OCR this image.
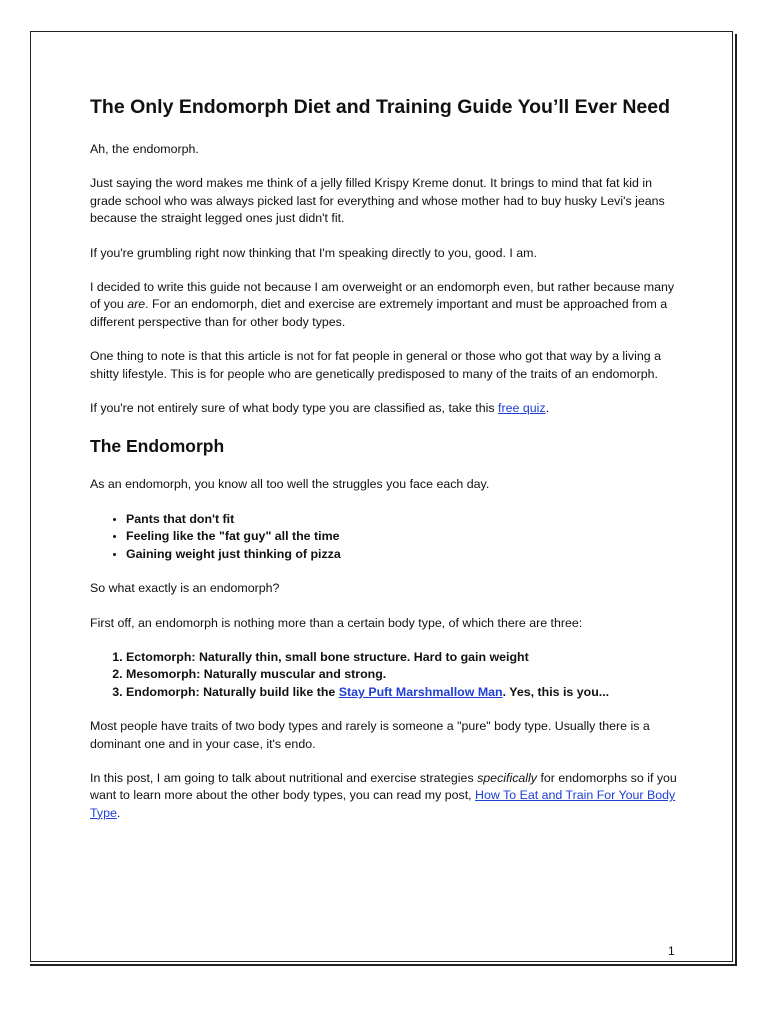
The Only Endomorph Diet and Training Guide You’ll Ever Need

Ah, the endomorph.

Just saying the word makes me think of a jelly filled Krispy Kreme donut. It brings to mind that fat kid in grade school who was always picked last for everything and whose mother had to buy husky Levi's jeans because the straight legged ones just didn't fit.

If you're grumbling right now thinking that I'm speaking directly to you, good. I am.

I decided to write this guide not because I am overweight or an endomorph even, but rather because many of you are. For an endomorph, diet and exercise are extremely important and must be approached from a different perspective than for other body types.

One thing to note is that this article is not for fat people in general or those who got that way by a living a shitty lifestyle. This is for people who are genetically predisposed to many of the traits of an endomorph.

If you're not entirely sure of what body type you are classified as, take this free quiz.

The Endomorph

As an endomorph, you know all too well the struggles you face each day.

• Pants that don't fit
• Feeling like the "fat guy" all the time
• Gaining weight just thinking of pizza

So what exactly is an endomorph?

First off, an endomorph is nothing more than a certain body type, of which there are three:

1. Ectomorph: Naturally thin, small bone structure. Hard to gain weight
2. Mesomorph: Naturally muscular and strong.
3. Endomorph: Naturally build like the Stay Puft Marshmallow Man. Yes, this is you...

Most people have traits of two body types and rarely is someone a "pure" body type. Usually there is a dominant one and in your case, it's endo.

In this post, I am going to talk about nutritional and exercise strategies specifically for endomorphs so if you want to learn more about the other body types, you can read my post, How To Eat and Train For Your Body Type.

1
